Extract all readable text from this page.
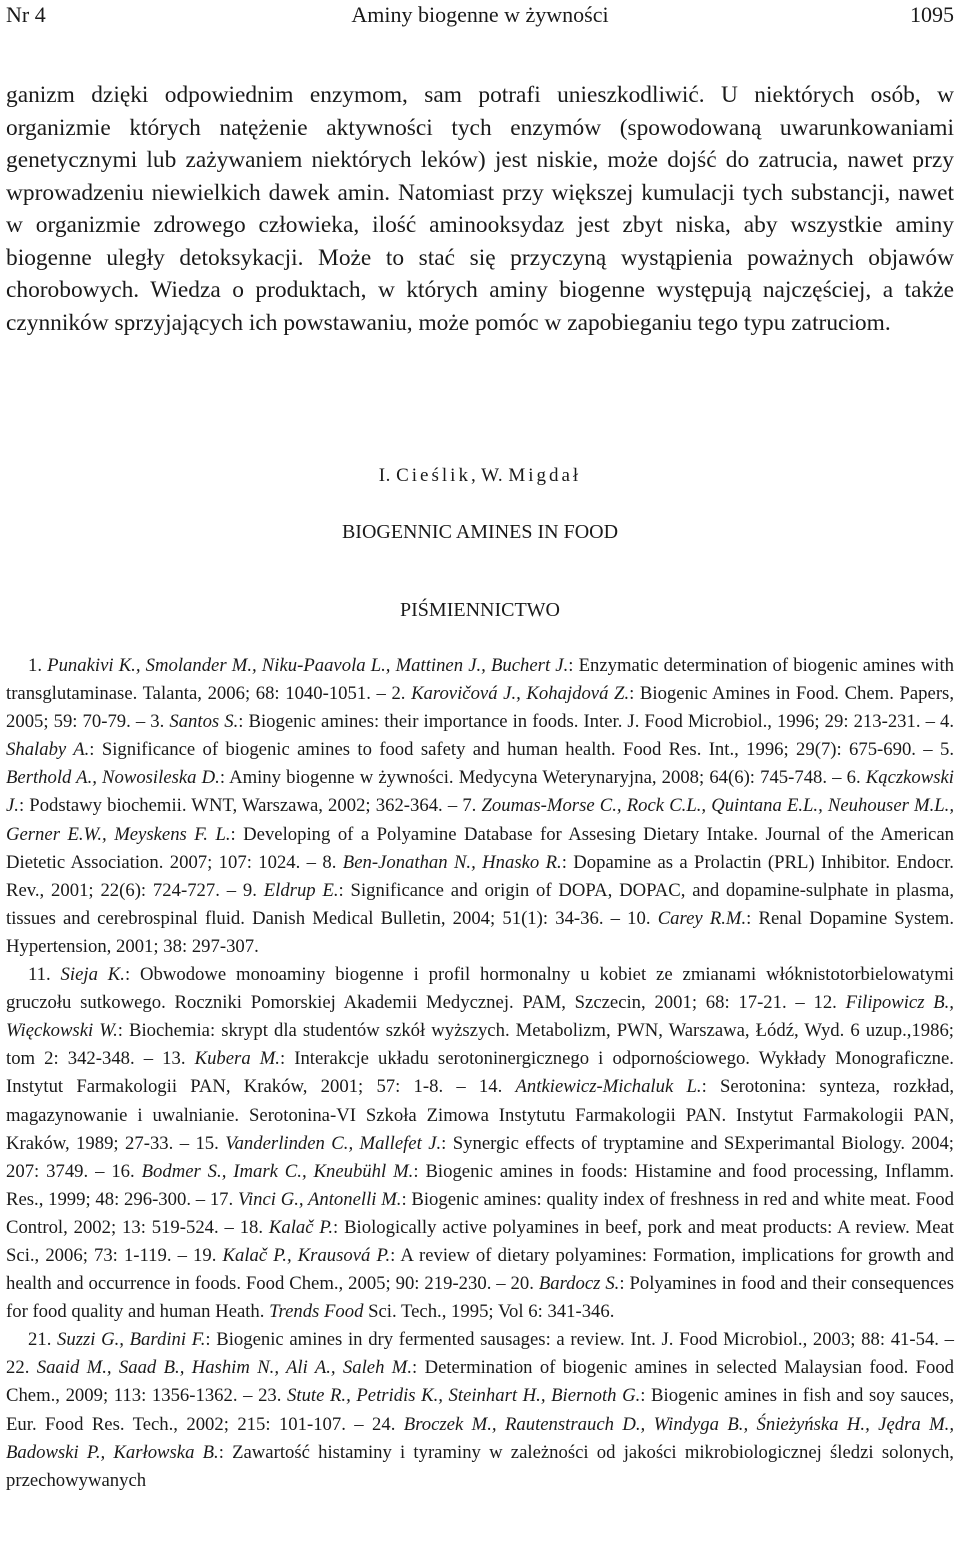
Nr 4	Aminy biogenne w żywności	1095

ganizm dzięki odpowiednim enzymom, sam potrafi unieszkodliwić. U niektórych osób, w organizmie których natężenie aktywności tych enzymów (spowodowaną uwarunkowaniami genetycznymi lub zażywaniem niektórych leków) jest niskie, może dojść do zatrucia, nawet przy wprowadzeniu niewielkich dawek amin. Natomiast przy większej kumulacji tych substancji, nawet w organizmie zdrowego człowieka, ilość aminooksydaz jest zbyt niska, aby wszystkie aminy biogenne uległy detoksykacji. Może to stać się przyczyną wystąpienia poważnych objawów chorobowych. Wiedza o produktach, w których aminy biogenne występują najczęściej, a także czynników sprzyjających ich powstawaniu, może pomóc w zapobieganiu tego typu zatruciom.

I. Cieślik, W. Migdał
BIOGENNIC AMINES IN FOOD
PIŚMIENNICTWO

1. Punakivi K., Smolander M., Niku-Paavola L., Mattinen J., Buchert J.: Enzymatic determination of biogenic amines with transglutaminase. Talanta, 2006; 68: 1040-1051. – 2. Karovičová J., Kohajdová Z.: Biogenic Amines in Food. Chem. Papers, 2005; 59: 70-79. – 3. Santos S.: Biogenic amines: their importance in foods. Inter. J. Food Microbiol., 1996; 29: 213-231. – 4. Shalaby A.: Significance of biogenic amines to food safety and human health. Food Res. Int., 1996; 29(7): 675-690. – 5. Berthold A., Nowosileska D.: Aminy biogenne w żywności. Medycyna Weterynaryjna, 2008; 64(6): 745-748. – 6. Kączkowski J.: Podstawy biochemii. WNT, Warszawa, 2002; 362-364. – 7. Zoumas-Morse C., Rock C.L., Quintana E.L., Neuhouser M.L., Gerner E.W., Meyskens F. L.: Developing of a Polyamine Database for Assesing Dietary Intake. Journal of the American Dietetic Association. 2007; 107: 1024. – 8. Ben-Jonathan N., Hnasko R.: Dopamine as a Prolactin (PRL) Inhibitor. Endocr. Rev., 2001; 22(6): 724-727. – 9. Eldrup E.: Significance and origin of DOPA, DOPAC, and dopamine-sulphate in plasma, tissues and cerebrospinal fluid. Danish Medical Bulletin, 2004; 51(1): 34-36. – 10. Carey R.M.: Renal Dopamine System. Hypertension, 2001; 38: 297-307.

11. Sieja K.: Obwodowe monoaminy biogenne i profil hormonalny u kobiet ze zmianami włóknistotorbielowatymi gruczołu sutkowego. Roczniki Pomorskiej Akademii Medycznej. PAM, Szczecin, 2001; 68: 17-21. – 12. Filipowicz B., Więckowski W.: Biochemia: skrypt dla studentów szkół wyższych. Metabolizm, PWN, Warszawa, Łódź, Wyd. 6 uzup.,1986; tom 2: 342-348. – 13. Kubera M.: Interakcje układu serotoninergicznego i odpornościowego. Wykłady Monograficzne. Instytut Farmakologii PAN, Kraków, 2001; 57: 1-8. – 14. Antkiewicz-Michaluk L.: Serotonina: synteza, rozkład, magazynowanie i uwalnianie. Serotonina-VI Szkoła Zimowa Instytutu Farmakologii PAN. Instytut Farmakologii PAN, Kraków, 1989; 27-33. – 15. Vanderlinden C., Mallefet J.: Synergic effects of tryptamine and SExperimantal Biology. 2004; 207: 3749. – 16. Bodmer S., Imark C., Kneubühl M.: Biogenic amines in foods: Histamine and food processing, Inflamm. Res., 1999; 48: 296-300. – 17. Vinci G., Antonelli M.: Biogenic amines: quality index of freshness in red and white meat. Food Control, 2002; 13: 519-524. – 18. Kalač P.: Biologically active polyamines in beef, pork and meat products: A review. Meat Sci., 2006; 73: 1-119. – 19. Kalač P., Krausová P.: A review of dietary polyamines: Formation, implications for growth and health and occurrence in foods. Food Chem., 2005; 90: 219-230. – 20. Bardocz S.: Polyamines in food and their consequences for food quality and human Heath. Trends Food Sci. Tech., 1995; Vol 6: 341-346.

21. Suzzi G., Bardini F.: Biogenic amines in dry fermented sausages: a review. Int. J. Food Microbiol., 2003; 88: 41-54. – 22. Saaid M., Saad B., Hashim N., Ali A., Saleh M.: Determination of biogenic amines in selected Malaysian food. Food Chem., 2009; 113: 1356-1362. – 23. Stute R., Petridis K., Steinhart H., Biernoth G.: Biogenic amines in fish and soy sauces, Eur. Food Res. Tech., 2002; 215: 101-107. – 24. Broczek M., Rautenstrauch D., Windyga B., Śnieżyńska H., Jędra M., Badowski P., Karłowska B.: Zawartość histaminy i tyraminy w zależności od jakości mikrobiologicznej śledzi solonych, przechowywanych
